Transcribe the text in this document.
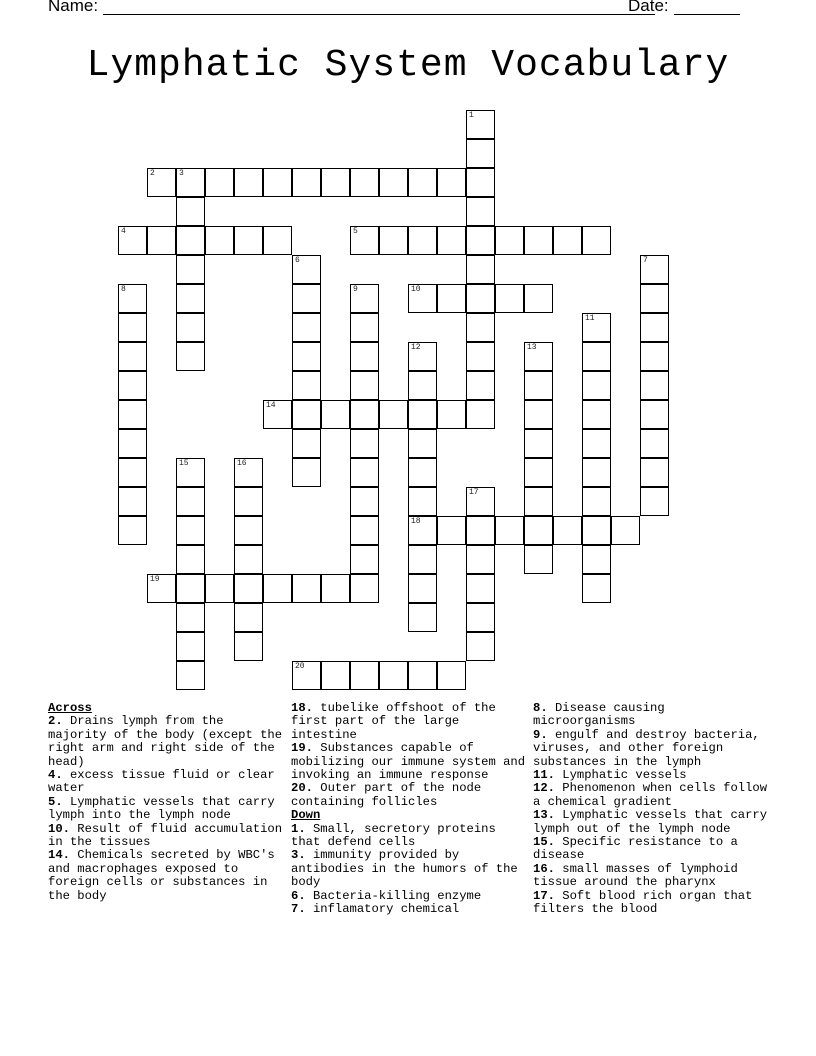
Name:	Date:
Lymphatic System Vocabulary
1
2	3
4	5
6	7
8	9	10
11
12	13
14
15	16
17
18
19
20

Across

2. Drains lymph from the majority of the body (except the right arm and right side of the head)

4. excess tissue fluid or clear water

5. Lymphatic vessels that carry lymph into the lymph node

10. Result of fluid accumulation in the tissues

14. Chemicals secreted by WBC's and macrophages exposed to foreign cells or substances in the body

18. tubelike offshoot of the first part of the large intestine

19. Substances capable of mobilizing our immune system and invoking an immune response

20. Outer part of the node containing follicles

Down

1. Small, secretory proteins that defend cells

3. immunity provided by antibodies in the humors of the body

6. Bacteria-killing enzyme

7. inflamatory chemical

8. Disease causing microorganisms

9. engulf and destroy bacteria, viruses, and other foreign substances in the lymph

11. Lymphatic vessels

12. Phenomenon when cells follow a chemical gradient

13. Lymphatic vessels that carry lymph out of the lymph node

15. Specific resistance to a disease

16. small masses of lymphoid tissue around the pharynx

17. Soft blood rich organ that filters the blood
